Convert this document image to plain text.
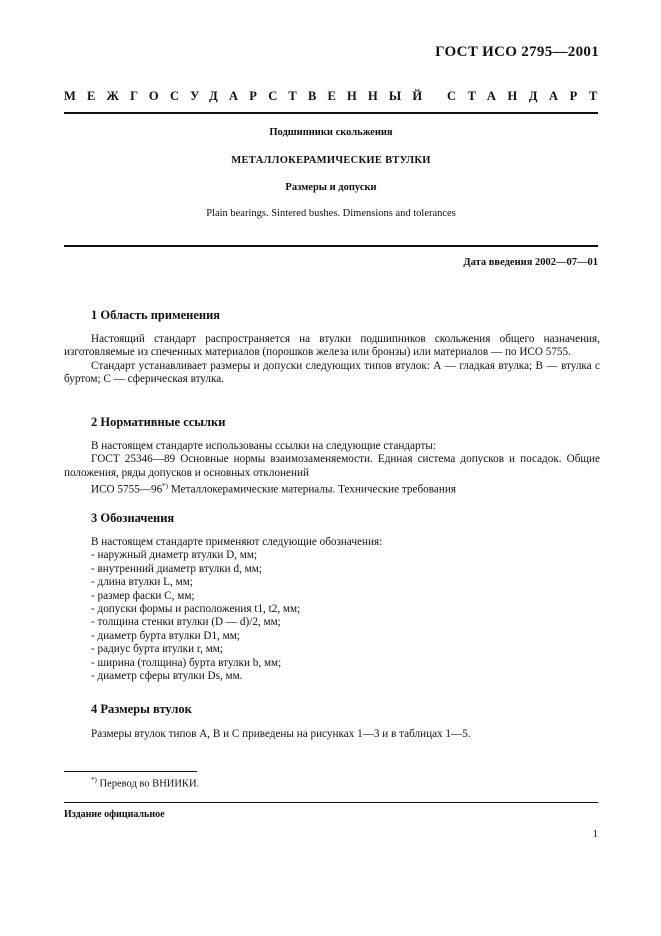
ГОСТ ИСО 2795—2001
МЕЖГОСУДАРСТВЕННЫЙ СТАНДАРТ
Подшипники скольжения
МЕТАЛЛОКЕРАМИЧЕСКИЕ ВТУЛКИ
Размеры и допуски
Plain bearings. Sintered bushes. Dimensions and tolerances
Дата введения 2002—07—01
1 Область применения

Настоящий стандарт распространяется на втулки подшипников скольжения общего назначения, изготовляемые из спеченных материалов (порошков железа или бронзы) или материалов — по ИСО 5755.

Стандарт устанавливает размеры и допуски следующих типов втулок: А — гладкая втулка; В — втулка с буртом; С — сферическая втулка.

2 Нормативные ссылки

В настоящем стандарте использованы ссылки на следующие стандарты:

ГОСТ 25346—89 Основные нормы взаимозаменяемости. Единая система допусков и посадок. Общие положения, ряды допусков и основных отклонений

ИСО 5755—96*) Металлокерамические материалы. Технические требования

3 Обозначения

В настоящем стандарте применяют следующие обозначения:

- наружный диаметр втулки D, мм;

- внутренний диаметр втулки d, мм;

- длина втулки L, мм;

- размер фаски C, мм;

- допуски формы и расположения t1, t2, мм;

- толщина стенки втулки (D — d)/2, мм;

- диаметр бурта втулки D1, мм;

- радиус бурта втулки r, мм;

- ширина (толщина) бурта втулки b, мм;

- диаметр сферы втулки Ds, мм.

4 Размеры втулок

Размеры втулок типов А, В и С приведены на рисунках 1—3 и в таблицах 1—5.

*) Перевод во ВНИИКИ.
Издание официальное
1
